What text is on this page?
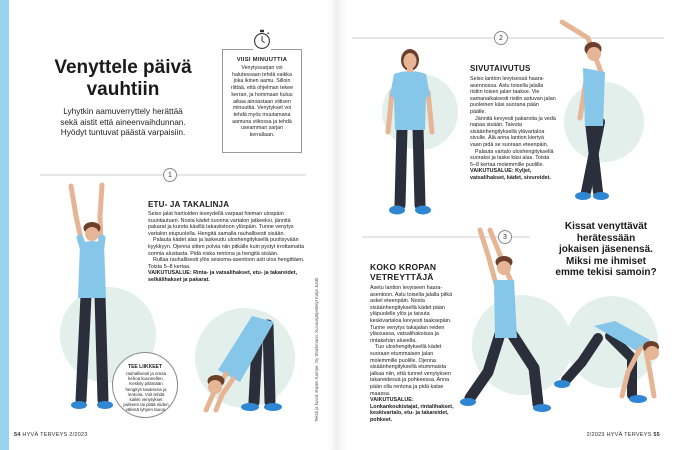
Venyttele päivä
vauhtiin
Lyhytkin aamuverryttely herättää
sekä aistit että aineenvaihdunnan.
Hyödyt tuntuvat päästä varpaisiin.
VIISI MINUUTTIA
Venytyssarjan voi halutessaan tehdä vaikka joka ikinen aamu. Silloin riittää, että ohjelman tekee kerran, ja hommaan kuluu aikaa ainoastaan viitisen minuuttia. Venytykset voi tehdä myös muutamana aamuna viikossa ja tehdä useamman sarjan kerrallaan.
1
ETU- JA TAKALINJA

Seiso jalat hartioiden leveydellä varpaat hieman ulospäin suuntautuen. Nosta kädet suorina vartalon jatkeeksi, jännitä pakarat ja kurota käsillä takaviistoon ylöspäin. Tunne venytys vartalon etupuolella. Hengitä samalla rauhallisesti sisään.

Palauta kädet alas ja laskeudu uloshengityksellä puolisyvään kyykkyyn. Ojenna sitten polvia niin pitkälle kuin pystyt irrottamatta sormia alustasta. Pidä niska rentona ja hengitä sisään.

Rullaa rauhallisesti ylös seisoma-asentoon asti ulos hengittäen. Toista 5–8 kertaa.

VAIKUTUSALUE: Rinta- ja vatsalihakset, etu- ja takareidet, selkälihakset ja pakarat.

TEE LIIKKEET
rauhallisesti ja omaa kehoa kuunnellen. Keskity pitämään hengitys tasaisena ja rentona. Voit tehdä kaikki venytykset putkeen tai pitää niiden välissä lyhyen tauon.	Teksti ja kuvat: Espen Kampe, Oy Stockmann. Kuvausjärjestelyt Katja Juntti.
54 HYVÄ TERVEYS 2/2023
2
SIVUTAIVUTUS

Seiso lantion levyisessä haara-asennossa. Astu toisella jalalla ristiin toisen jalan taakse. Vie samanaikaisesti ristiin astuvan jalan puoleinen käsi suorana pään päälle.

Jännitä kevyesti pakaroita ja vedä napaa sisään. Taivuta sisäänhengityksellä ylävartaloa sivulle. Älä anna lantion kiertyä vaan pidä se suoraan eteenpäin.

Palauta vartalo uloshengityksellä suoraksi ja laske käsi alas. Toista 5–8 kertaa molemmille puolille.

VAIKUTUSALUE: Kyljet, vatsalihakset, kädet, sivureidet.

3
Kissat venyttävät
herätessään
jokaisen jäsenensä.
Miksi me ihmiset
emme tekisi samoin?
KOKO KROPAN
VETREYTTÄJÄ

Asetu lantion levyiseen haara-asentoon. Astu toisella jalalla pitkä askel eteenpäin. Nosta sisäänhengityksellä kädet pään yläpuolelle ylös ja taivuta keskivartaloa kevyesti taaksepäin. Tunne venytys takajalan reiden yläosassa, vatsalihaksissa ja rintakehän alueella.

Tuo uloshengityksellä kädet suoraan etummaisen jalan molemmille puolille. Ojenna sisäänhengityksellä etummaista jalkaa niin, että tunnet venytyksen takareidessä ja pohkeessa. Anna pään olla rentona ja pidä katse maassa.

VAIKUTUSALUE: Lonkankoukistajat, rintalihakset, keskivartalo, etu- ja takareidet, pohkeet.

2/2023 HYVÄ TERVEYS 55
